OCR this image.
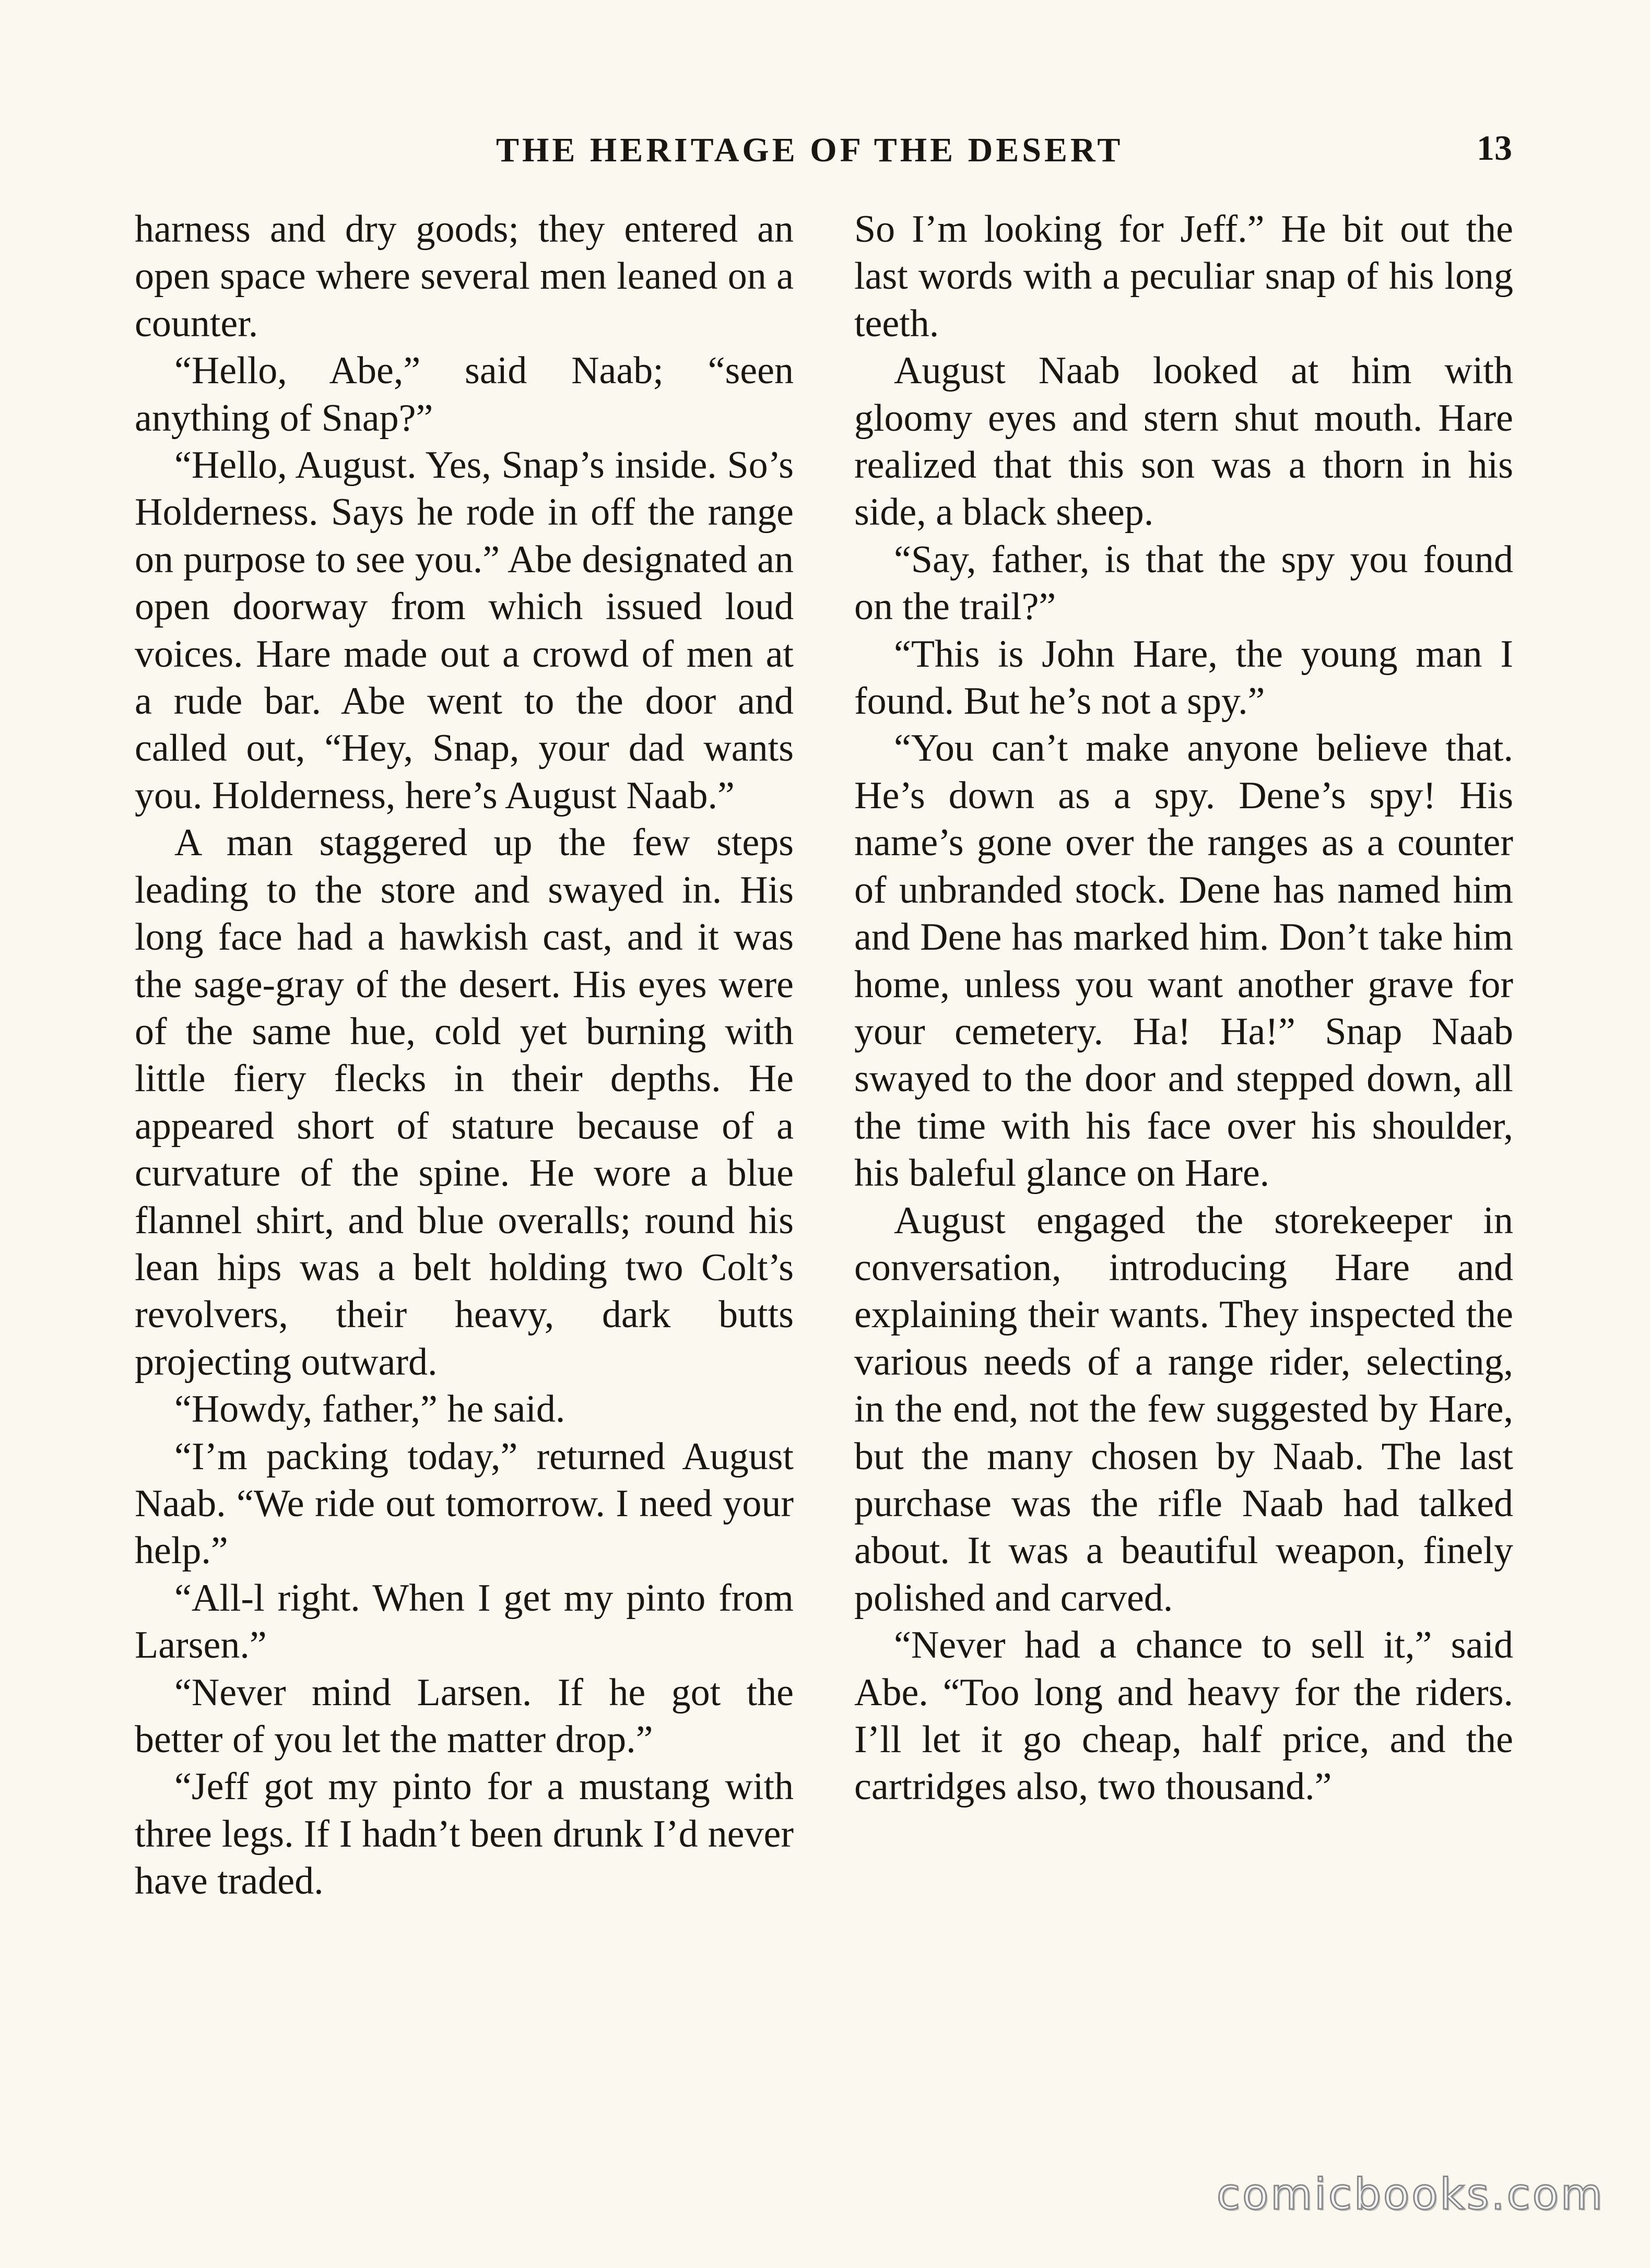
THE HERITAGE OF THE DESERT	13

harness and dry goods; they entered an open space where several men leaned on a counter.

“Hello, Abe,” said Naab; “seen anything of Snap?”

“Hello, August. Yes, Snap’s inside. So’s Holderness. Says he rode in off the range on purpose to see you.” Abe designated an open doorway from which issued loud voices. Hare made out a crowd of men at a rude bar. Abe went to the door and called out, “Hey, Snap, your dad wants you. Holderness, here’s August Naab.”

A man staggered up the few steps leading to the store and swayed in. His long face had a hawkish cast, and it was the sage-gray of the desert. His eyes were of the same hue, cold yet burning with little fiery flecks in their depths. He appeared short of stature because of a curvature of the spine. He wore a blue flannel shirt, and blue overalls; round his lean hips was a belt holding two Colt’s revolvers, their heavy, dark butts projecting outward.

“Howdy, father,” he said.

“I’m packing today,” returned August Naab. “We ride out tomorrow. I need your help.”

“All-l right. When I get my pinto from Larsen.”

“Never mind Larsen. If he got the better of you let the matter drop.”

“Jeff got my pinto for a mustang with three legs. If I hadn’t been drunk I’d never have traded.

So I’m looking for Jeff.” He bit out the last words with a peculiar snap of his long teeth.

August Naab looked at him with gloomy eyes and stern shut mouth. Hare realized that this son was a thorn in his side, a black sheep.

“Say, father, is that the spy you found on the trail?”

“This is John Hare, the young man I found. But he’s not a spy.”

“You can’t make anyone believe that. He’s down as a spy. Dene’s spy! His name’s gone over the ranges as a counter of unbranded stock. Dene has named him and Dene has marked him. Don’t take him home, unless you want another grave for your cemetery. Ha! Ha!” Snap Naab swayed to the door and stepped down, all the time with his face over his shoulder, his baleful glance on Hare.

August engaged the storekeeper in conversation, introducing Hare and explaining their wants. They inspected the various needs of a range rider, selecting, in the end, not the few suggested by Hare, but the many chosen by Naab. The last purchase was the rifle Naab had talked about. It was a beautiful weapon, finely polished and carved.

“Never had a chance to sell it,” said Abe. “Too long and heavy for the riders. I’ll let it go cheap, half price, and the cartridges also, two thousand.”

comicbooks.com
